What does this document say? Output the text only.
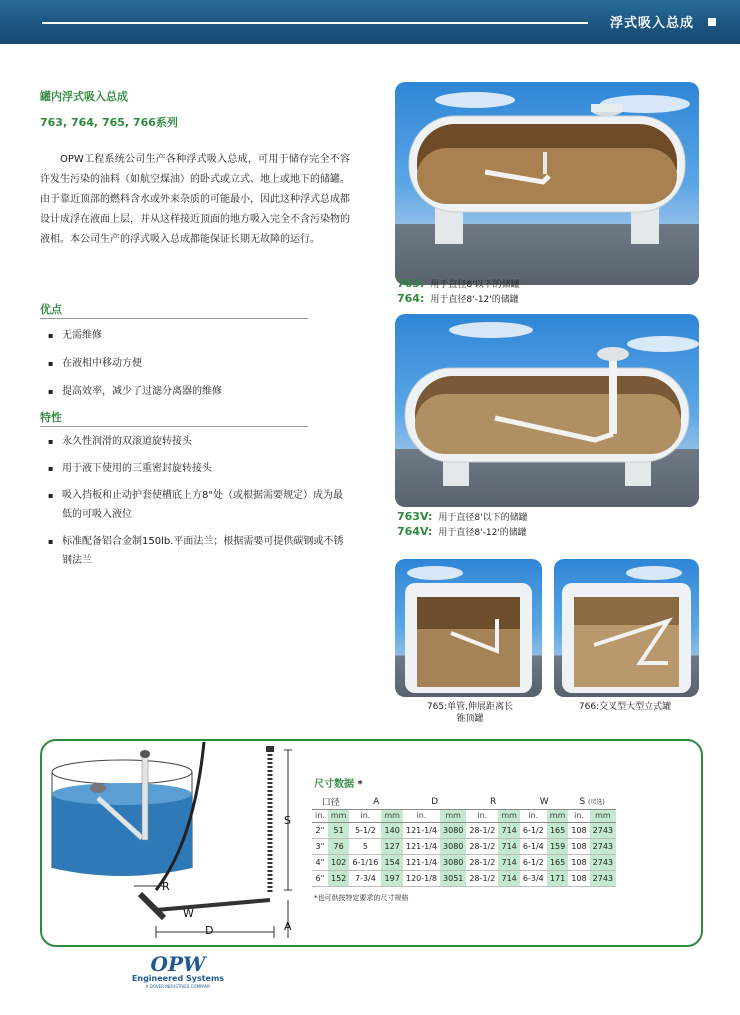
浮式吸入总成
罐内浮式吸入总成
763, 764, 765, 766系列

OPW工程系统公司生产各种浮式吸入总成，可用于储存完全不容许发生污染的油料（如航空煤油）的卧式或立式、地上或地下的储罐。由于靠近顶部的燃料含水或外来杂质的可能最小，因此这种浮式总成都设计成浮在液面上层，并从这样接近顶面的地方吸入完全不含污染物的液相。本公司生产的浮式吸入总成都能保证长期无故障的运行。

优点
▪ 无需维修
▪ 在液相中移动方便
▪ 提高效率，减少了过滤分离器的维修
特性
▪ 永久性润滑的双滚道旋转接头
▪ 用于液下使用的三重密封旋转接头
▪ 吸入挡板和止动护套使槽底上方8"处（或根据需要规定）成为最低的可吸入液位
▪ 标准配备铝合金制150lb.平面法兰；根据需要可提供碳钢或不锈钢法兰
763: 用于直径8'以下的储罐
764: 用于直径8'-12'的储罐
763V: 用于直径8'以下的储罐
764V: 用于直径8'-12'的储罐
765:单管,伸展距离长
锥顶罐
766:交叉型大型立式罐
R
W
D
S
A
尺寸数据 *
口径		A		D		R		W		S (可选)	
in.	mm	in.	mm	in.	mm	in.	mm	in.	mm	in.	mm
2"	51	5-1/2	140	121-1/4	3080	28-1/2	714	6-1/2	165	108	2743
3"	76	5	127	121-1/4	3080	28-1/2	714	6-1/4	159	108	2743
4"	102	6-1/16	154	121-1/4	3080	28-1/2	714	6-1/2	165	108	2743
6"	152	7-3/4	197	120-1/8	3051	28-1/2	714	6-3/4	171	108	2743
*也可供按特定要求的尺寸规格
OPW
Engineered Systems
A DOVER INDUSTRIES COMPANY
